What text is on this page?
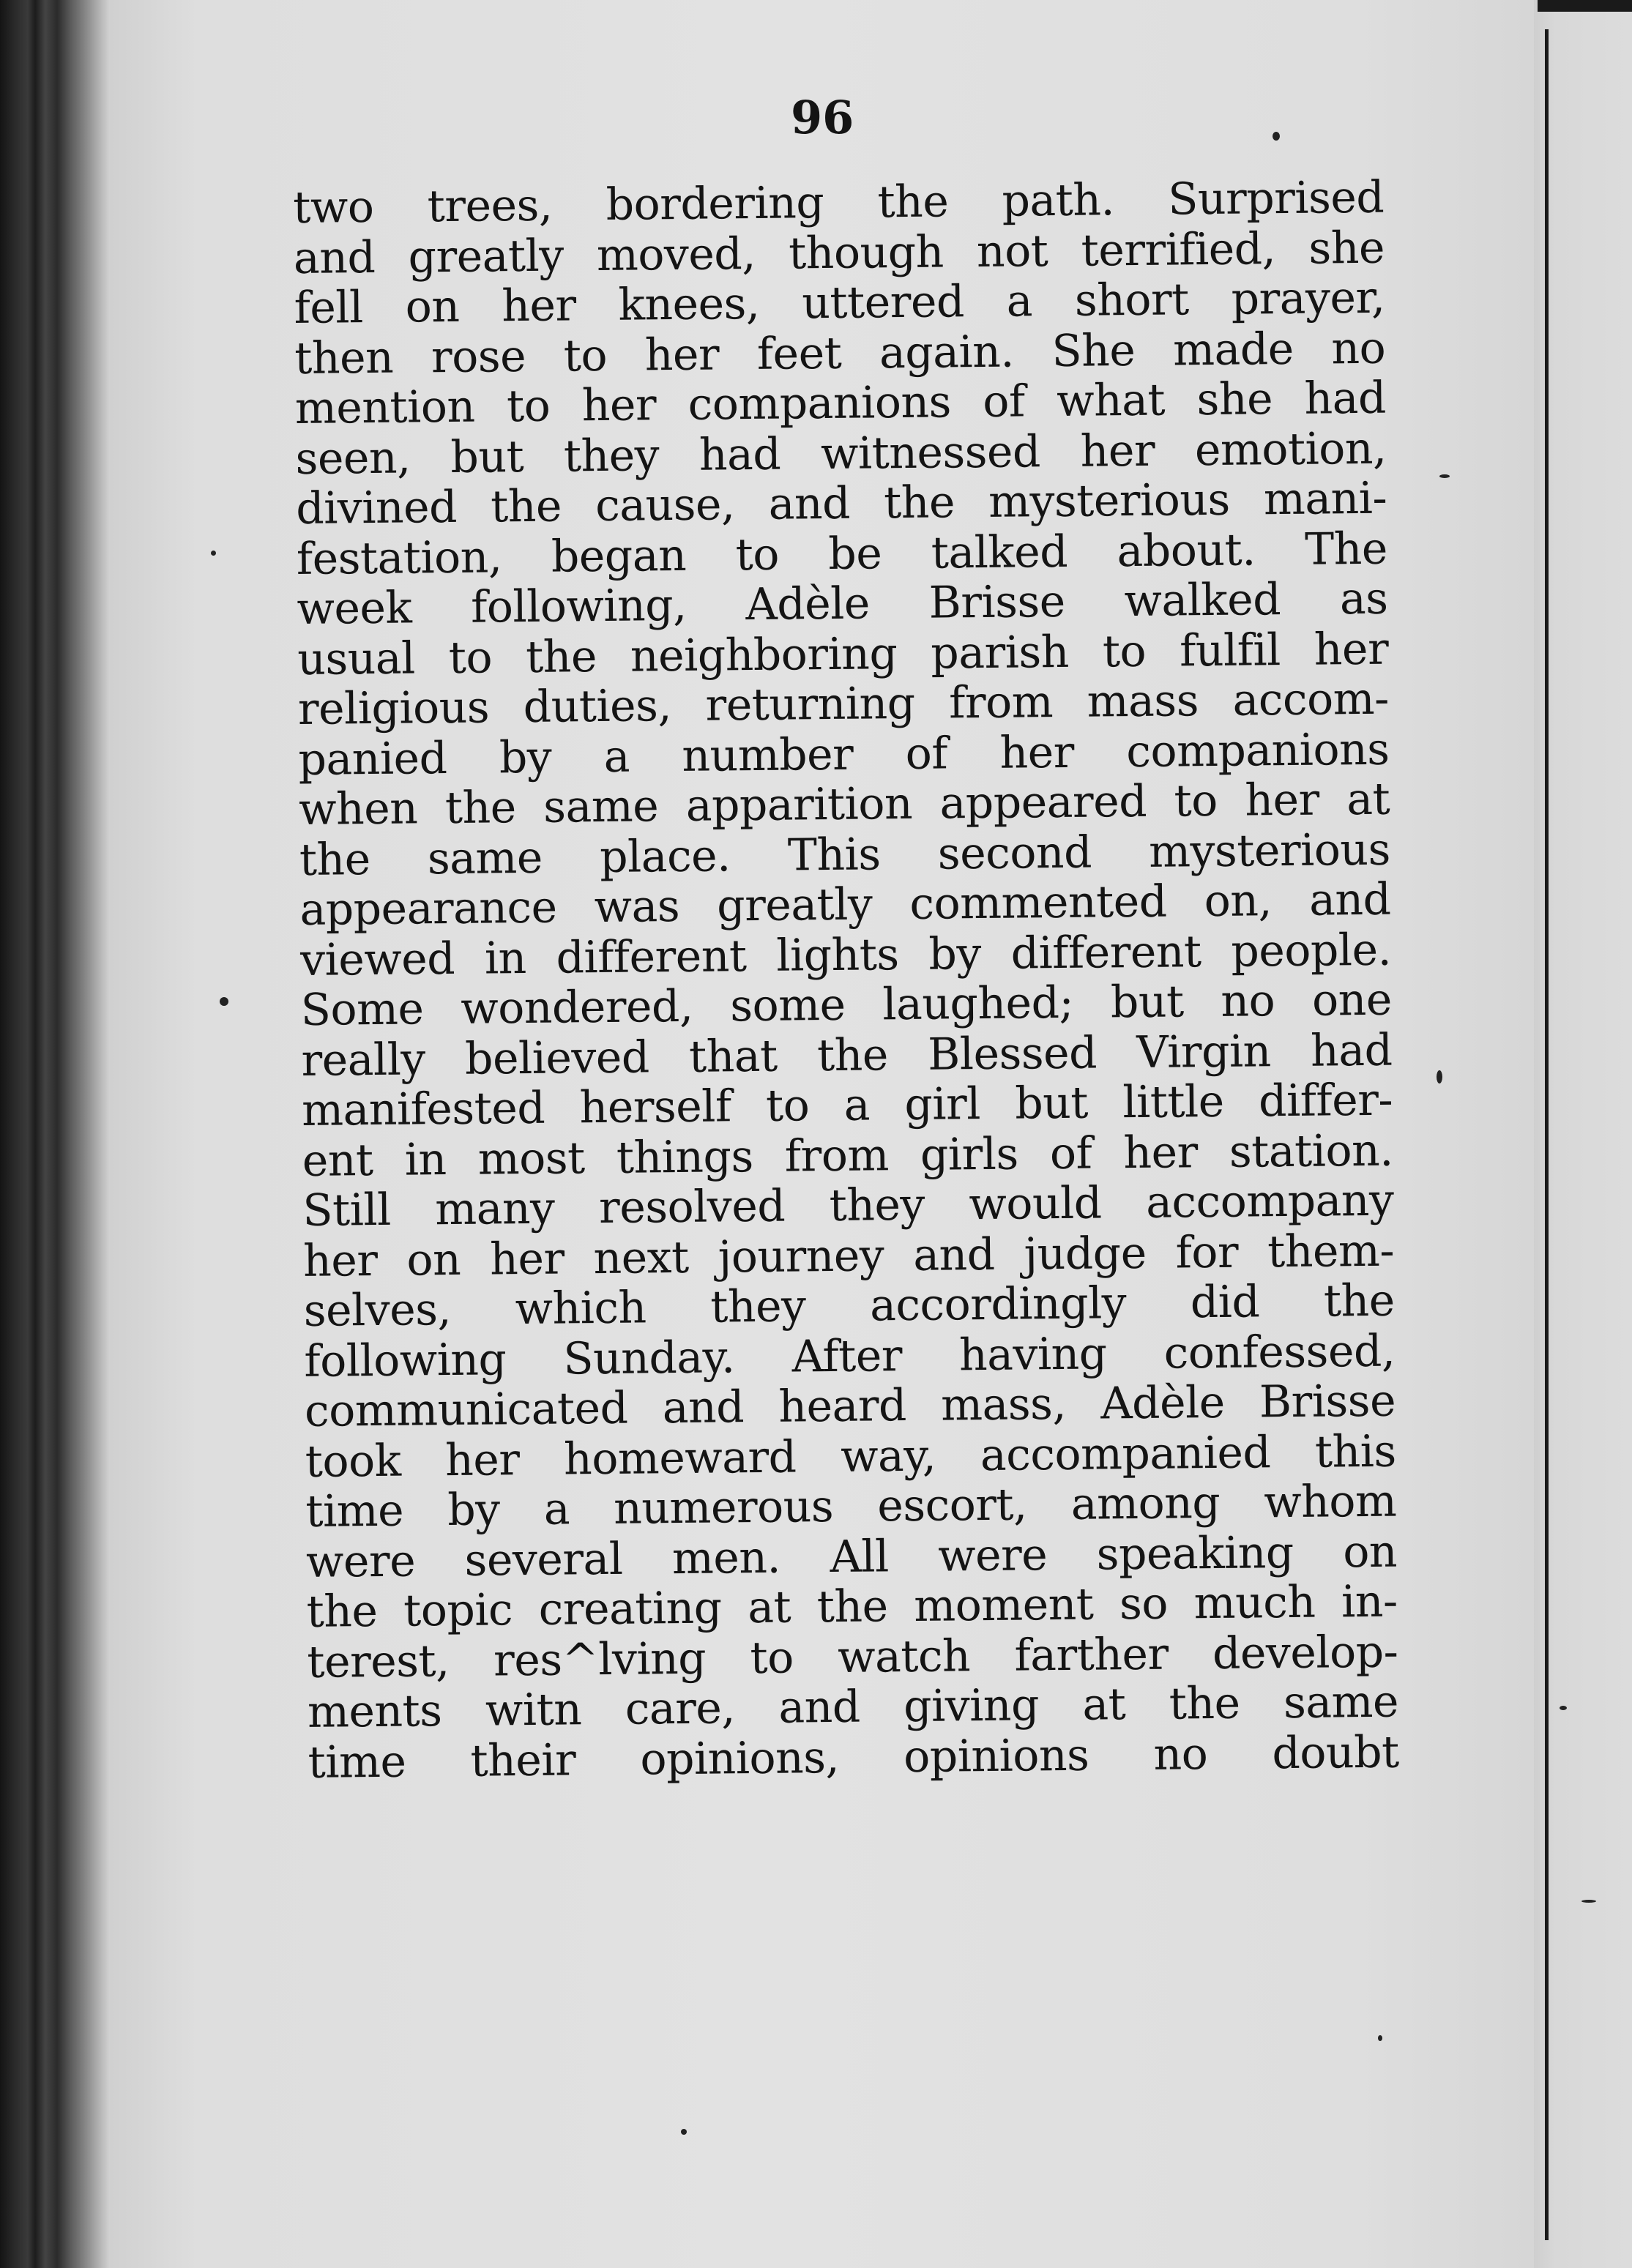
96
two trees, bordering the path. Surprised
and greatly moved, though not terrified, she
fell on her knees, uttered a short prayer,
then rose to her feet again. She made no
mention to her companions of what she had
seen, but they had witnessed her emotion,
divined the cause, and the mysterious mani-
festation, began to be talked about. The
week following, Adèle Brisse walked as
usual to the neighboring parish to fulfil her
religious duties, returning from mass accom-
panied by a number of her companions
when the same apparition appeared to her at
the same place. This second mysterious
appearance was greatly commented on, and
viewed in different lights by different people.
Some wondered, some laughed; but no one
really believed that the Blessed Virgin had
manifested herself to a girl but little differ-
ent in most things from girls of her station.
Still many resolved they would accompany
her on her next journey and judge for them-
selves, which they accordingly did the
following Sunday. After having confessed,
communicated and heard mass, Adèle Brisse
took her homeward way, accompanied this
time by a numerous escort, among whom
were several men. All were speaking on
the topic creating at the moment so much in-
terest, res^lving to watch farther develop-
ments witn care, and giving at the same
time their opinions, opinions no doubt
